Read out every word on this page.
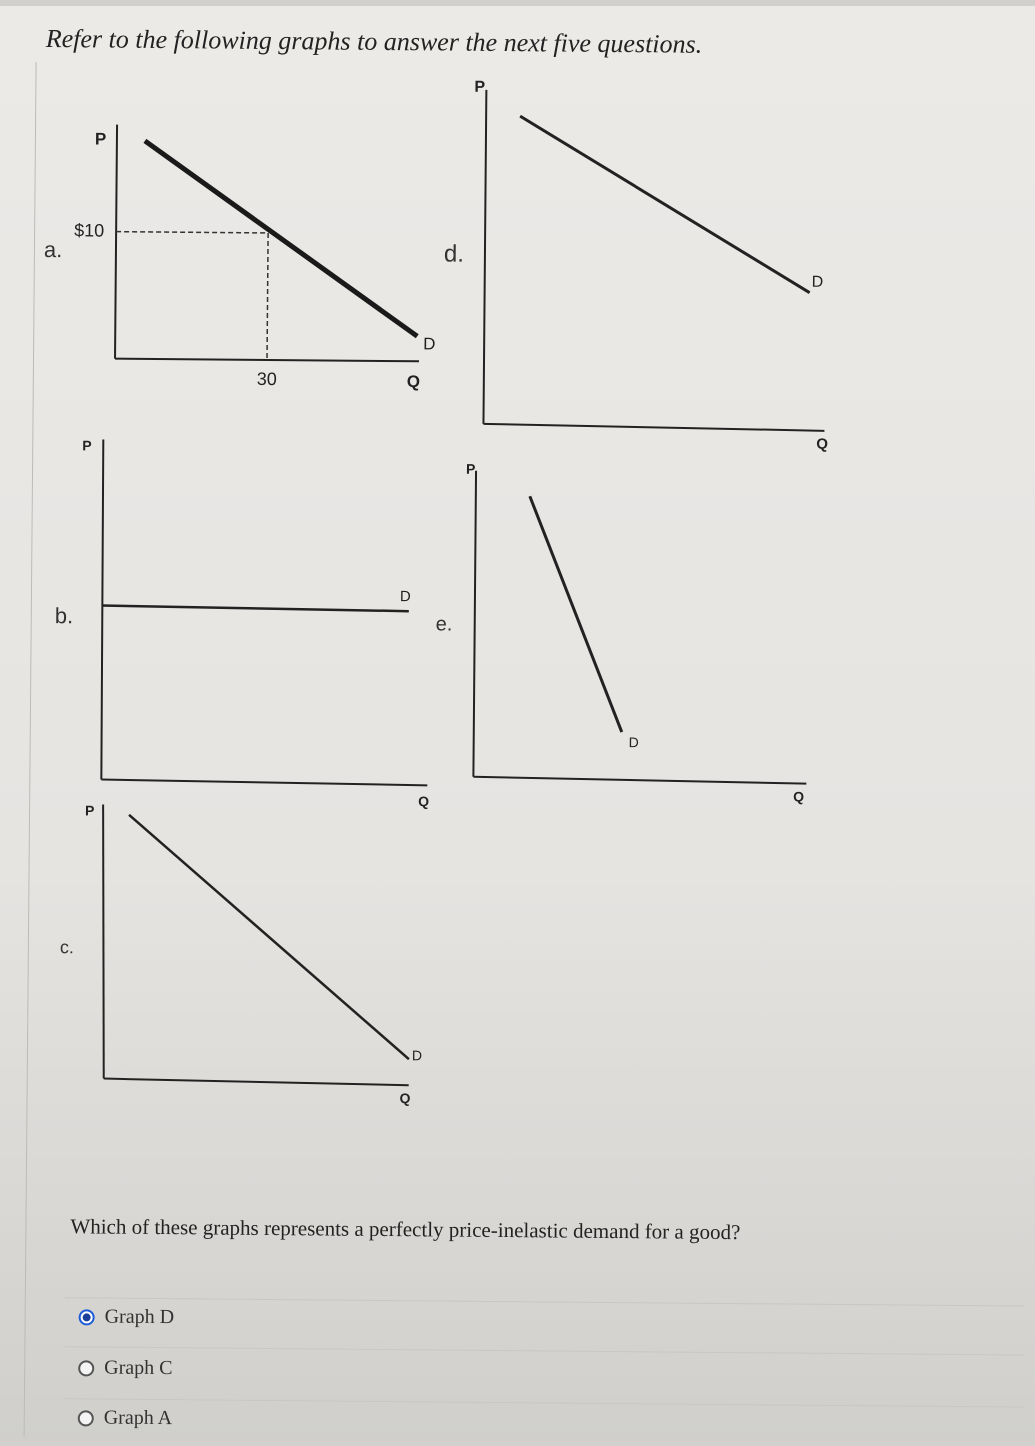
Refer to the following graphs to answer the next five questions.
a.
P
$10
30
D
Q
d.
P
D
Q
b.
P
D
Q
e.
P
D
Q
c.
P
D
Q
Which of these graphs represents a perfectly price-inelastic demand for a good?
Graph D
Graph C
Graph A
